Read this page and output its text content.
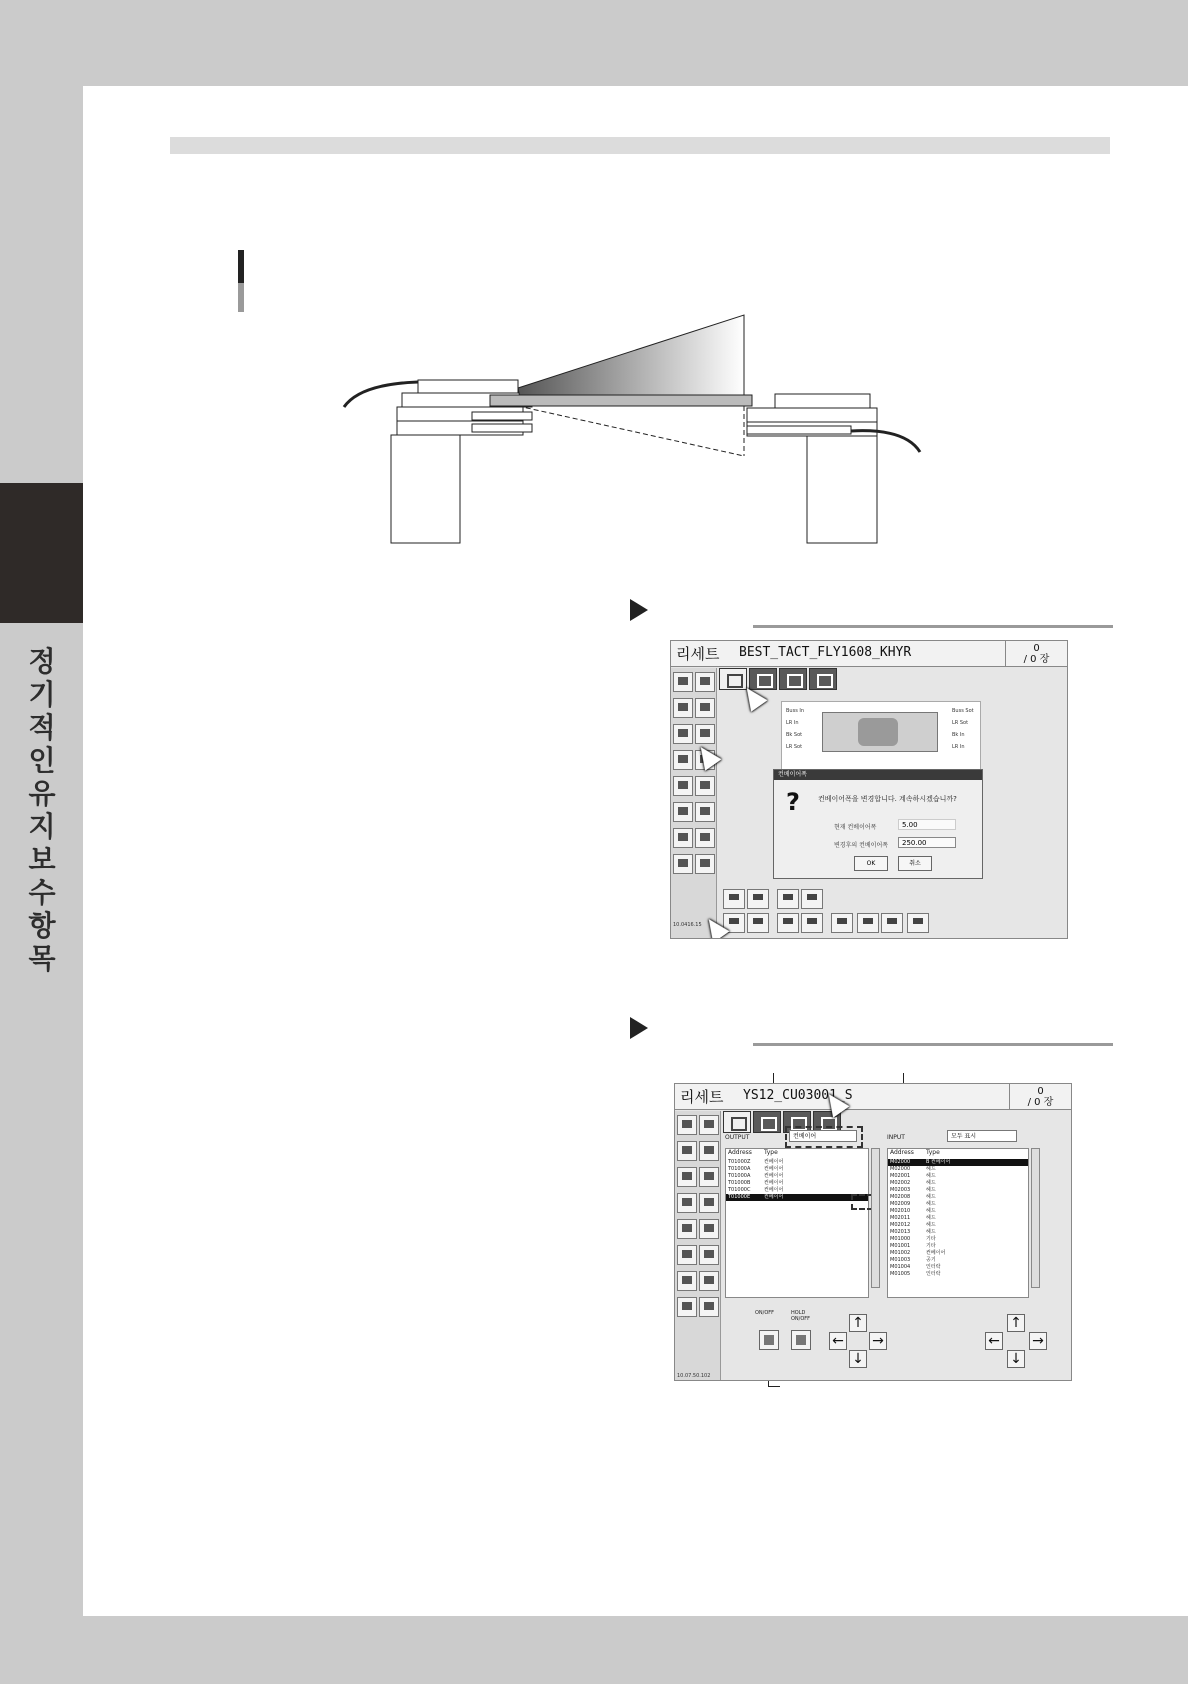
정기적인 유지보수 항목
리세트 BEST_TACT_FLY1608_KHYR	0
/ 0 장
10.0416.15
Buss In
LR In
Bk Sot
LR Sot
Buss Sot
LR Sot
Bk In
LR In
컨베이어폭
?	컨베이어폭을 변경합니다. 계속하시겠습니까?
현재 컨베이어폭	5.00
변경후의 컨베이어폭	250.00
OK	취소
리세트 YS12_CU03001_S	0
/ 0 장
10.07.50.102
OUTPUT	컨베이어
Address Type
T01000Z	컨베이어
T01000A	컨베이어
T01000A	컨베이어
T01000B	컨베이어
T01000C	컨베이어
T01000E	컨베이어
INPUT	모두 표시
Address Type
M02000	B 컨베이어
M02000	헤드
M02001	헤드
M02002	헤드
M02003	헤드
M02008	헤드
M02009	헤드
M02010	헤드
M02011	헤드
M02012	헤드
M02013	헤드
M01000	기타
M01001	기타
M01002	컨베이어
M01003	공기
M01004	인터락
M01005	인터락
ON/OFF	HOLD ON/OFF
←
↑
↓
→	←
↑
↓
→
